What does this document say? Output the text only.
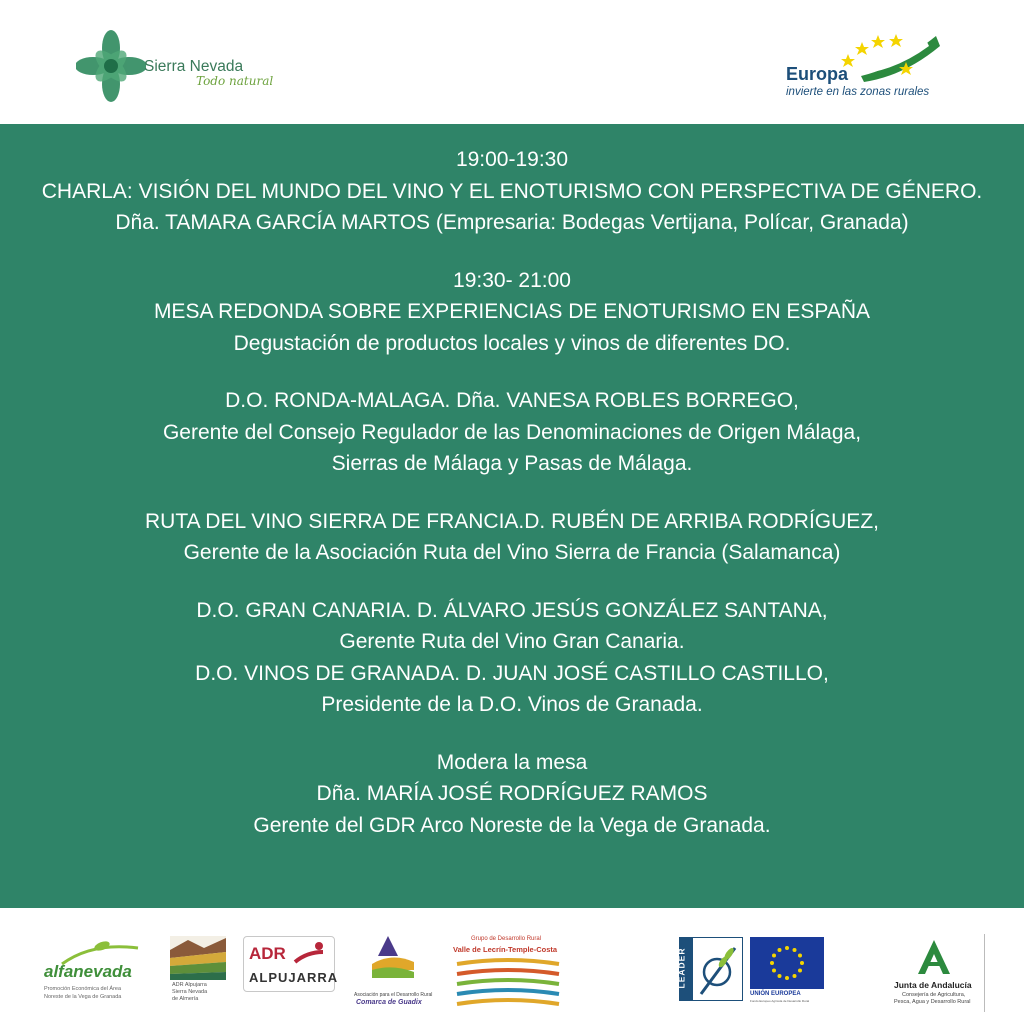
Sierra Nevada
Todo natural	Europa
invierte en las zonas rurales
19:00-19:30
CHARLA: VISIÓN DEL MUNDO DEL VINO Y EL ENOTURISMO CON PERSPECTIVA DE GÉNERO.
Dña. TAMARA GARCÍA MARTOS (Empresaria: Bodegas Vertijana, Polícar, Granada)
19:30- 21:00
MESA REDONDA SOBRE EXPERIENCIAS DE ENOTURISMO EN ESPAÑA
Degustación de productos locales y vinos de diferentes DO.
D.O. RONDA-MALAGA. Dña. VANESA ROBLES BORREGO,
Gerente del Consejo Regulador de las Denominaciones de Origen Málaga,
Sierras de Málaga y Pasas de Málaga.
RUTA DEL VINO SIERRA DE FRANCIA.D. RUBÉN DE ARRIBA RODRÍGUEZ,
Gerente de la Asociación Ruta del Vino Sierra de Francia (Salamanca)
D.O. GRAN CANARIA. D. ÁLVARO JESÚS GONZÁLEZ SANTANA,
Gerente Ruta del Vino Gran Canaria.
D.O. VINOS DE GRANADA. D. JUAN JOSÉ CASTILLO CASTILLO,
Presidente de la D.O. Vinos de Granada.
Modera la mesa
Dña. MARÍA JOSÉ RODRÍGUEZ RAMOS
Gerente del GDR Arco Noreste de la Vega de Granada.
alfanevada
Promoción Económica del Área
Noreste de la Vega de Granada
ADR Alpujarra
Sierra Nevada
de Almería
ADR
ALPUJARRA
Asociación para el Desarrollo Rural
Comarca de Guadix
Grupo de Desarrollo Rural
Valle de Lecrín-Temple-Costa	LEADER
UNIÓN EUROPEA
Fondo Europeo Agrícola de Desarrollo Rural
Junta de Andalucía
Consejería de Agricultura,
Pesca, Agua y Desarrollo Rural
